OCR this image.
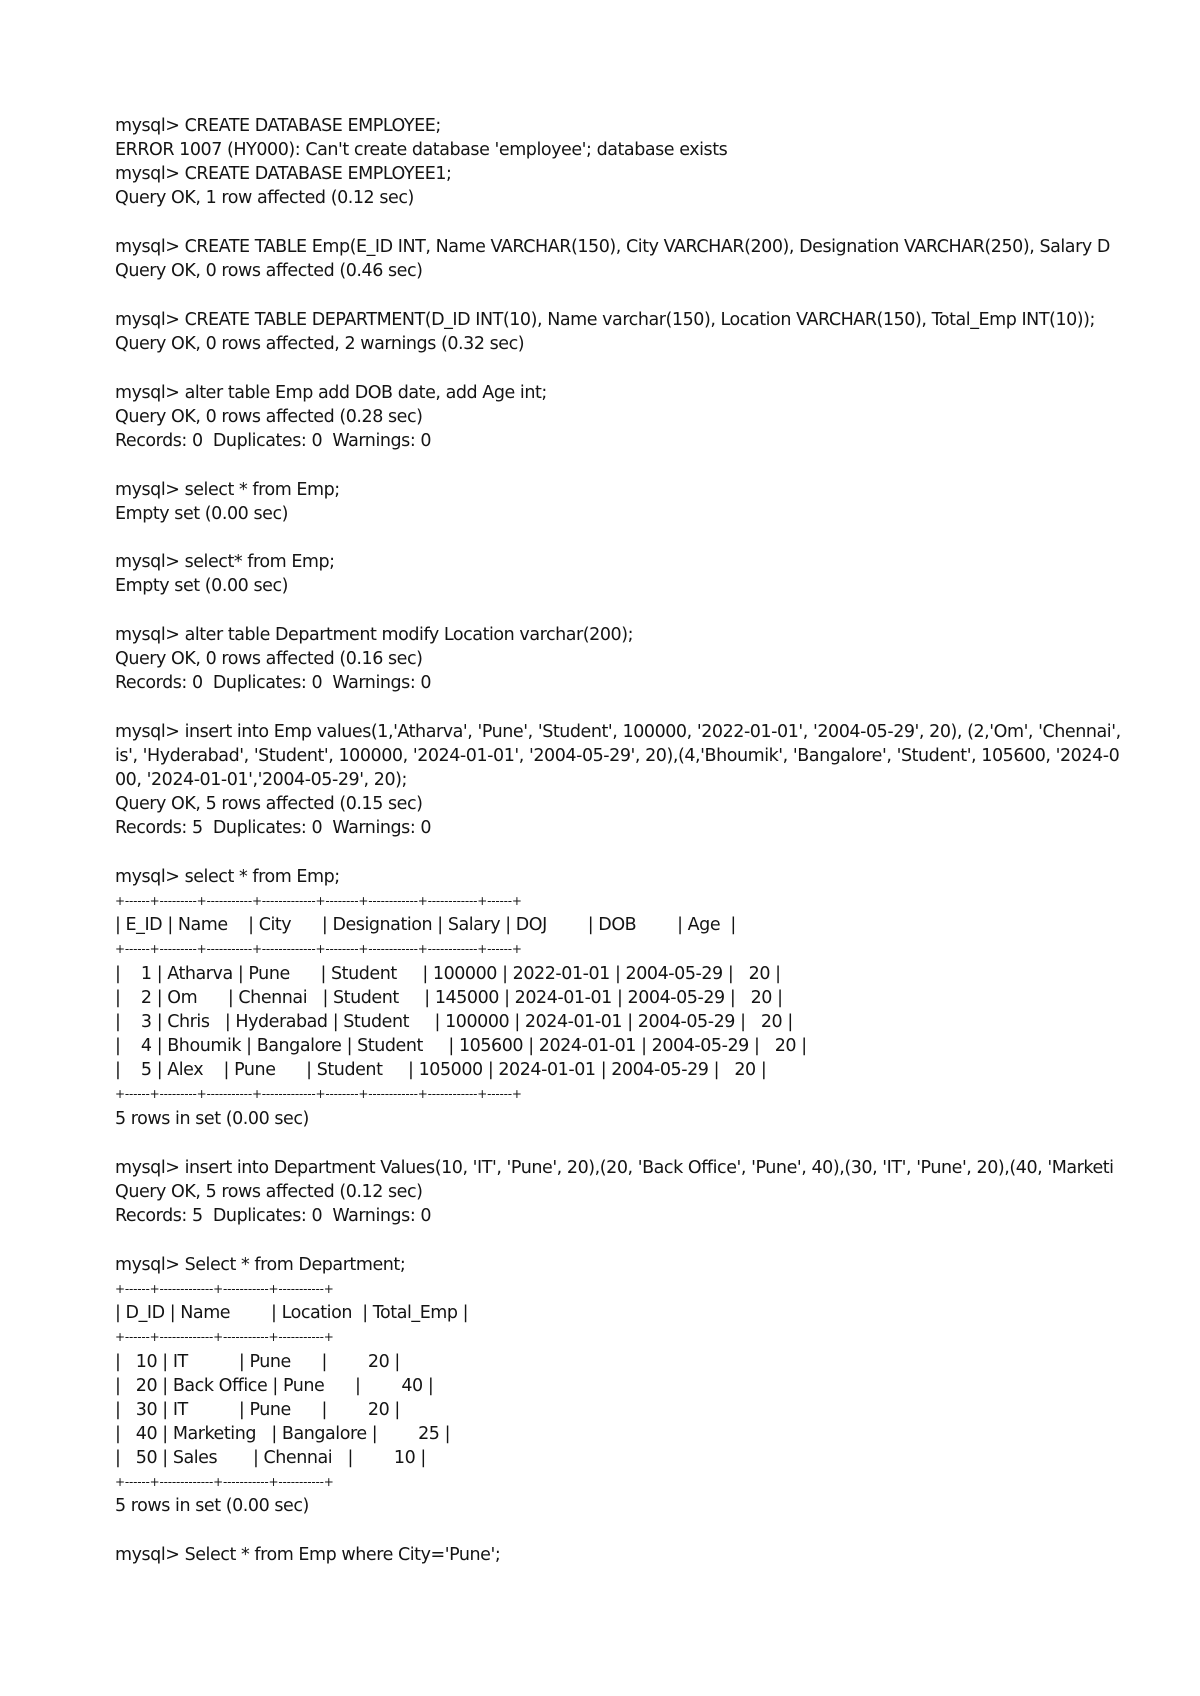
mysql> CREATE DATABASE EMPLOYEE;
ERROR 1007 (HY000): Can't create database 'employee'; database exists
mysql> CREATE DATABASE EMPLOYEE1;
Query OK, 1 row affected (0.12 sec)
mysql> CREATE TABLE Emp(E_ID INT, Name VARCHAR(150), City VARCHAR(200), Designation VARCHAR(250), Salary D
Query OK, 0 rows affected (0.46 sec)
mysql> CREATE TABLE DEPARTMENT(D_ID INT(10), Name varchar(150), Location VARCHAR(150), Total_Emp INT(10));
Query OK, 0 rows affected, 2 warnings (0.32 sec)
mysql> alter table Emp add DOB date, add Age int;
Query OK, 0 rows affected (0.28 sec)
Records: 0  Duplicates: 0  Warnings: 0
mysql> select * from Emp;
Empty set (0.00 sec)
mysql> select* from Emp;
Empty set (0.00 sec)
mysql> alter table Department modify Location varchar(200);
Query OK, 0 rows affected (0.16 sec)
Records: 0  Duplicates: 0  Warnings: 0
mysql> insert into Emp values(1,'Atharva', 'Pune', 'Student', 100000, '2022-01-01', '2004-05-29', 20), (2,'Om', 'Chennai',
is', 'Hyderabad', 'Student', 100000, '2024-01-01', '2004-05-29', 20),(4,'Bhoumik', 'Bangalore', 'Student', 105600, '2024-0
00, '2024-01-01','2004-05-29', 20);
Query OK, 5 rows affected (0.15 sec)
Records: 5  Duplicates: 0  Warnings: 0
mysql> select * from Emp;
+------+---------+-----------+-------------+--------+------------+------------+------+
| E_ID | Name    | City      | Designation | Salary | DOJ        | DOB        | Age  |
+------+---------+-----------+-------------+--------+------------+------------+------+
|    1 | Atharva | Pune      | Student     | 100000 | 2022-01-01 | 2004-05-29 |   20 |
|    2 | Om      | Chennai   | Student     | 145000 | 2024-01-01 | 2004-05-29 |   20 |
|    3 | Chris   | Hyderabad | Student     | 100000 | 2024-01-01 | 2004-05-29 |   20 |
|    4 | Bhoumik | Bangalore | Student     | 105600 | 2024-01-01 | 2004-05-29 |   20 |
|    5 | Alex    | Pune      | Student     | 105000 | 2024-01-01 | 2004-05-29 |   20 |
+------+---------+-----------+-------------+--------+------------+------------+------+
5 rows in set (0.00 sec)
mysql> insert into Department Values(10, 'IT', 'Pune', 20),(20, 'Back Office', 'Pune', 40),(30, 'IT', 'Pune', 20),(40, 'Marketi
Query OK, 5 rows affected (0.12 sec)
Records: 5  Duplicates: 0  Warnings: 0
mysql> Select * from Department;
+------+-------------+-----------+-----------+
| D_ID | Name        | Location  | Total_Emp |
+------+-------------+-----------+-----------+
|   10 | IT          | Pune      |        20 |
|   20 | Back Office | Pune      |        40 |
|   30 | IT          | Pune      |        20 |
|   40 | Marketing   | Bangalore |        25 |
|   50 | Sales       | Chennai   |        10 |
+------+-------------+-----------+-----------+
5 rows in set (0.00 sec)
mysql> Select * from Emp where City='Pune';
